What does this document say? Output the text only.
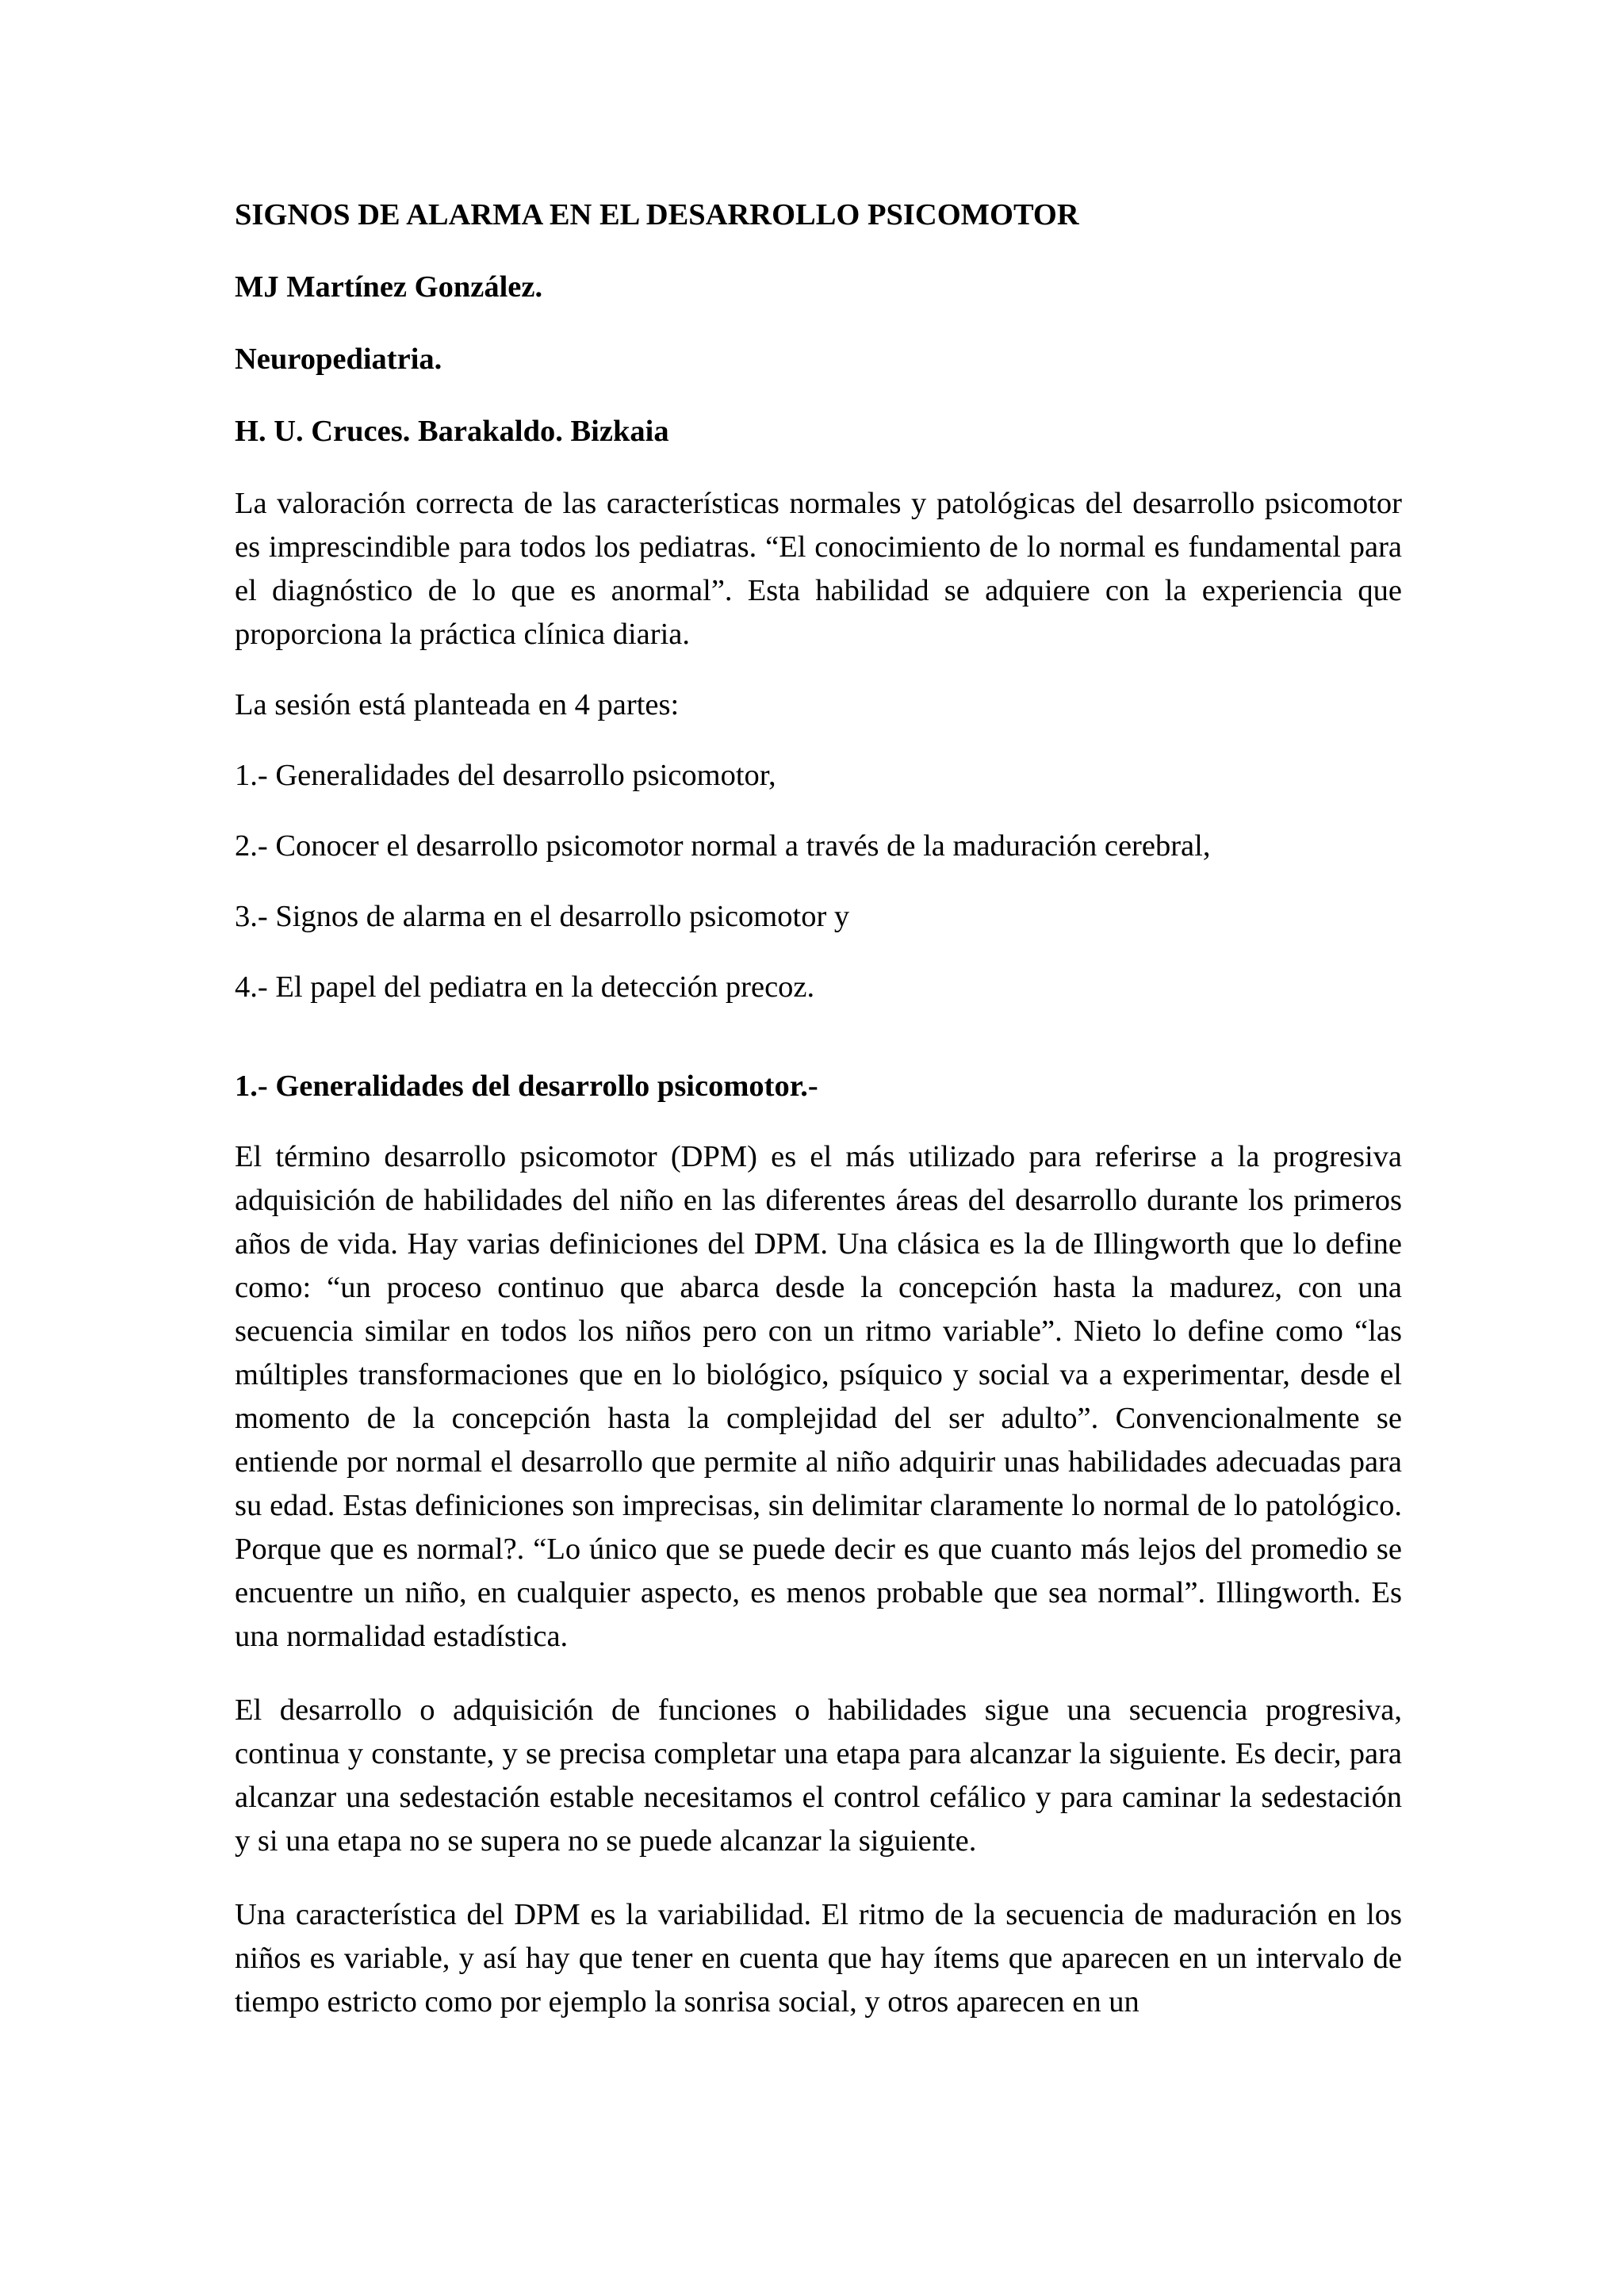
SIGNOS DE ALARMA EN EL DESARROLLO PSICOMOTOR
MJ Martínez González.
Neuropediatria.
H. U. Cruces. Barakaldo. Bizkaia
La valoración correcta de las características normales y patológicas del desarrollo psicomotor es imprescindible para todos los pediatras. “El conocimiento de lo normal es fundamental para el diagnóstico de lo que es anormal”. Esta habilidad se adquiere con la experiencia que proporciona la práctica clínica diaria.
La sesión está planteada en 4 partes:
1.- Generalidades del desarrollo psicomotor,
2.- Conocer el desarrollo psicomotor normal a través de la maduración cerebral,
3.- Signos de alarma en el desarrollo psicomotor y
4.- El papel del pediatra en la detección precoz.
1.- Generalidades del desarrollo psicomotor.-
El término desarrollo psicomotor (DPM) es el más utilizado para referirse a la progresiva adquisición de habilidades del niño en las diferentes áreas del desarrollo durante los primeros años de vida. Hay varias definiciones del DPM. Una clásica es la de Illingworth que lo define como: “un proceso continuo que abarca desde la concepción hasta la madurez, con una secuencia similar en todos los niños pero con un ritmo variable”. Nieto lo define como “las múltiples transformaciones que en lo biológico, psíquico y social va a experimentar, desde el momento de la concepción hasta la complejidad del ser adulto”. Convencionalmente se entiende por normal el desarrollo que permite al niño adquirir unas habilidades adecuadas para su edad. Estas definiciones son imprecisas, sin delimitar claramente lo normal de lo patológico. Porque que es normal?. “Lo único que se puede decir es que cuanto más lejos del promedio se encuentre un niño, en cualquier aspecto, es menos probable que sea normal”. Illingworth. Es una normalidad estadística.
El desarrollo o adquisición de funciones o habilidades sigue una secuencia progresiva, continua y constante, y se precisa completar una etapa para alcanzar la siguiente. Es decir, para alcanzar una sedestación estable necesitamos el control cefálico y para caminar la sedestación y si una etapa no se supera no se puede alcanzar la siguiente.
Una característica del DPM es la variabilidad. El ritmo de la secuencia de maduración en los niños es variable, y así hay que tener en cuenta que hay ítems que aparecen en un intervalo de tiempo estricto como por ejemplo la sonrisa social, y otros aparecen en un
